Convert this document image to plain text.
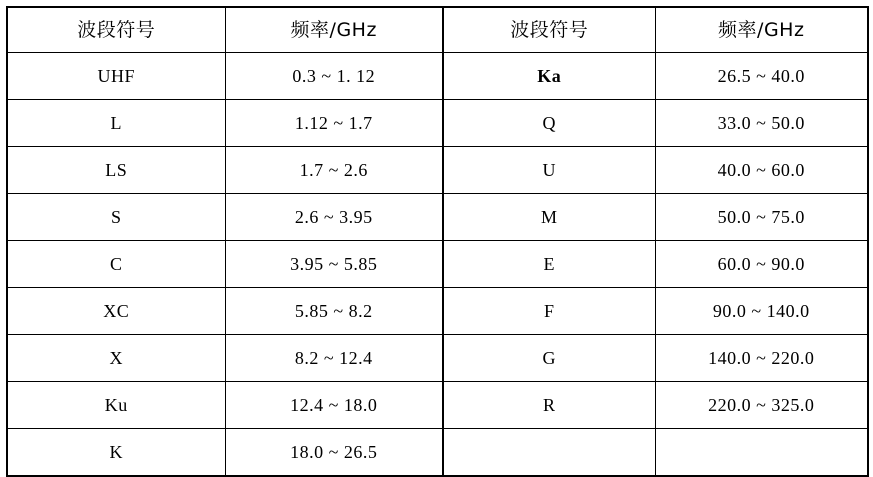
波段符号	频率/GHz	波段符号	频率/GHz
UHF	0.3 ~ 1. 12	Ka	26.5 ~ 40.0
L	1.12 ~ 1.7	Q	33.0 ~ 50.0
LS	1.7 ~ 2.6	U	40.0 ~ 60.0
S	2.6 ~ 3.95	M	50.0 ~ 75.0
C	3.95 ~ 5.85	E	60.0 ~ 90.0
XC	5.85 ~ 8.2	F	90.0 ~ 140.0
X	8.2 ~ 12.4	G	140.0 ~ 220.0
Ku	12.4 ~ 18.0	R	220.0 ~ 325.0
K	18.0 ~ 26.5		
